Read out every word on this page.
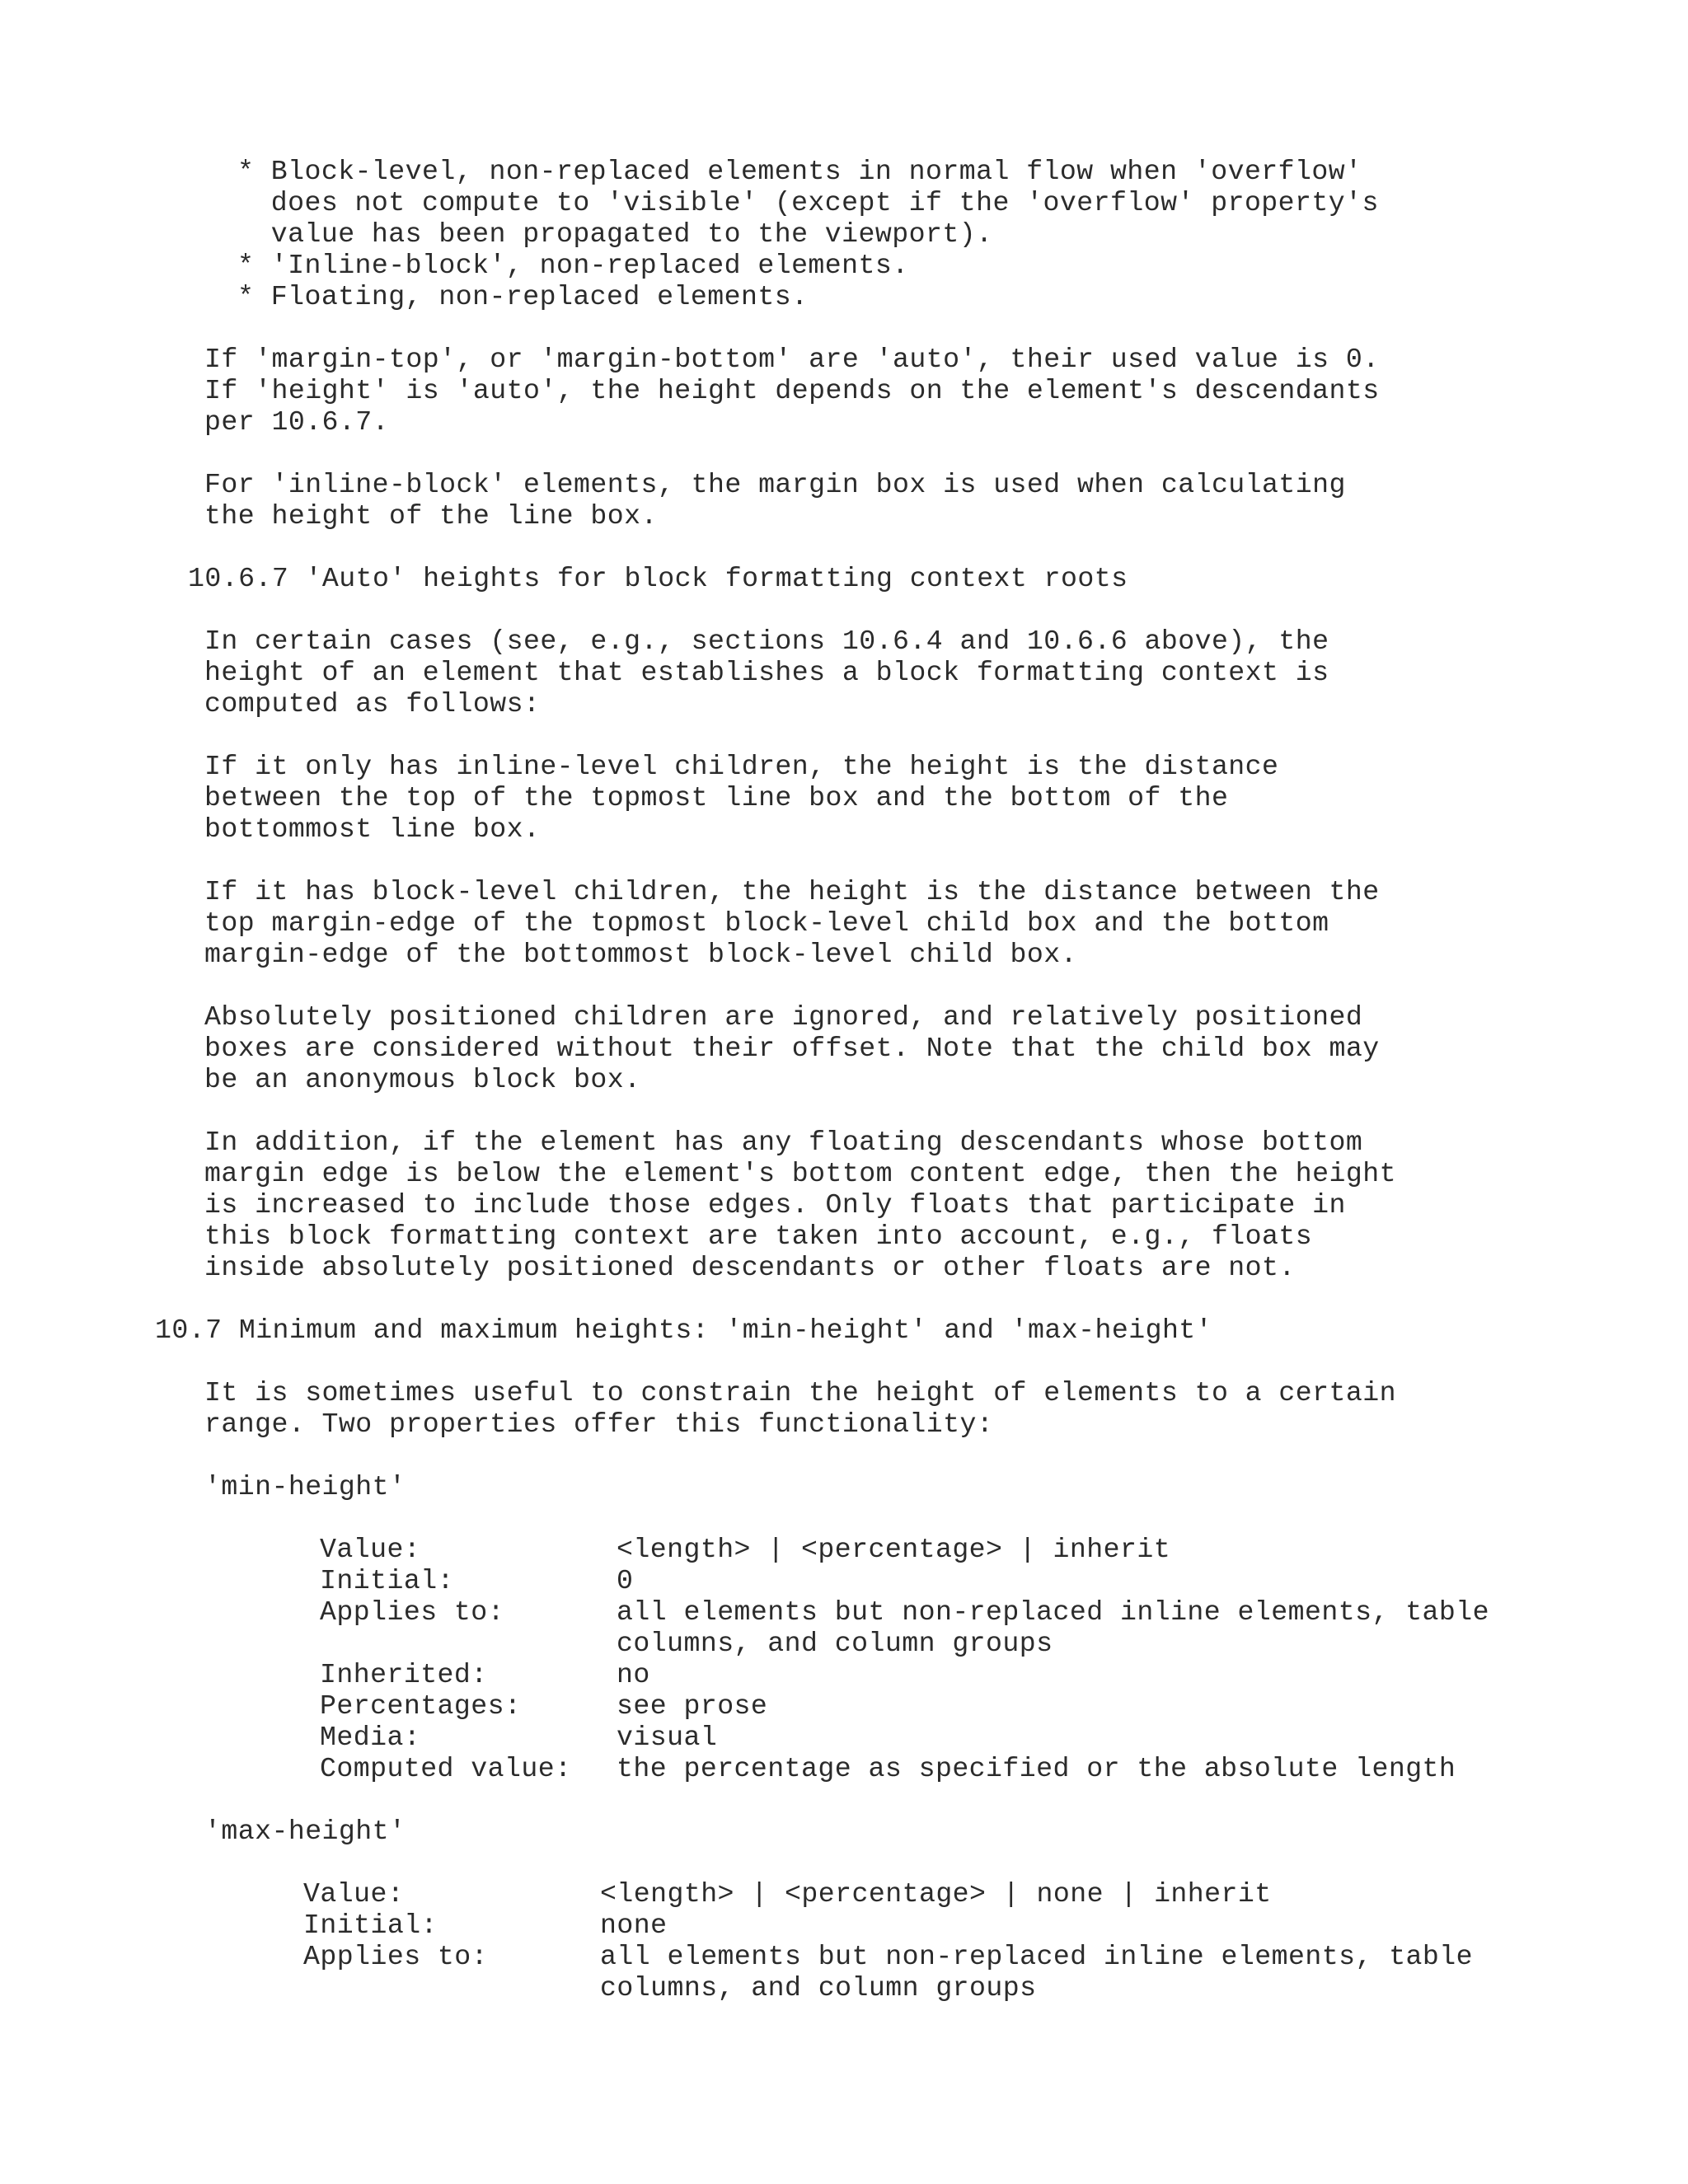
* Block-level, non-replaced elements in normal flow when 'overflow'

does not compute to 'visible' (except if the 'overflow' property's

value has been propagated to the viewport).

* 'Inline-block', non-replaced elements.

* Floating, non-replaced elements.

If 'margin-top', or 'margin-bottom' are 'auto', their used value is 0.

If 'height' is 'auto', the height depends on the element's descendants

per 10.6.7.

For 'inline-block' elements, the margin box is used when calculating

the height of the line box.

10.6.7 'Auto' heights for block formatting context roots

In certain cases (see, e.g., sections 10.6.4 and 10.6.6 above), the

height of an element that establishes a block formatting context is

computed as follows:

If it only has inline-level children, the height is the distance

between the top of the topmost line box and the bottom of the

bottommost line box.

If it has block-level children, the height is the distance between the

top margin-edge of the topmost block-level child box and the bottom

margin-edge of the bottommost block-level child box.

Absolutely positioned children are ignored, and relatively positioned

boxes are considered without their offset. Note that the child box may

be an anonymous block box.

In addition, if the element has any floating descendants whose bottom

margin edge is below the element's bottom content edge, then the height

is increased to include those edges. Only floats that participate in

this block formatting context are taken into account, e.g., floats

inside absolutely positioned descendants or other floats are not.

10.7 Minimum and maximum heights: 'min-height' and 'max-height'

It is sometimes useful to constrain the height of elements to a certain

range. Two properties offer this functionality:

'min-height'

Value:	<length> | <percentage> | inherit

Initial:	0

Applies to:	all elements but non-replaced inline elements, table

columns, and column groups

Inherited:	no

Percentages:	see prose

Media:	visual

Computed value: the percentage as specified or the absolute length

'max-height'

Value:	<length> | <percentage> | none | inherit

Initial:	none

Applies to:	all elements but non-replaced inline elements, table

columns, and column groups
